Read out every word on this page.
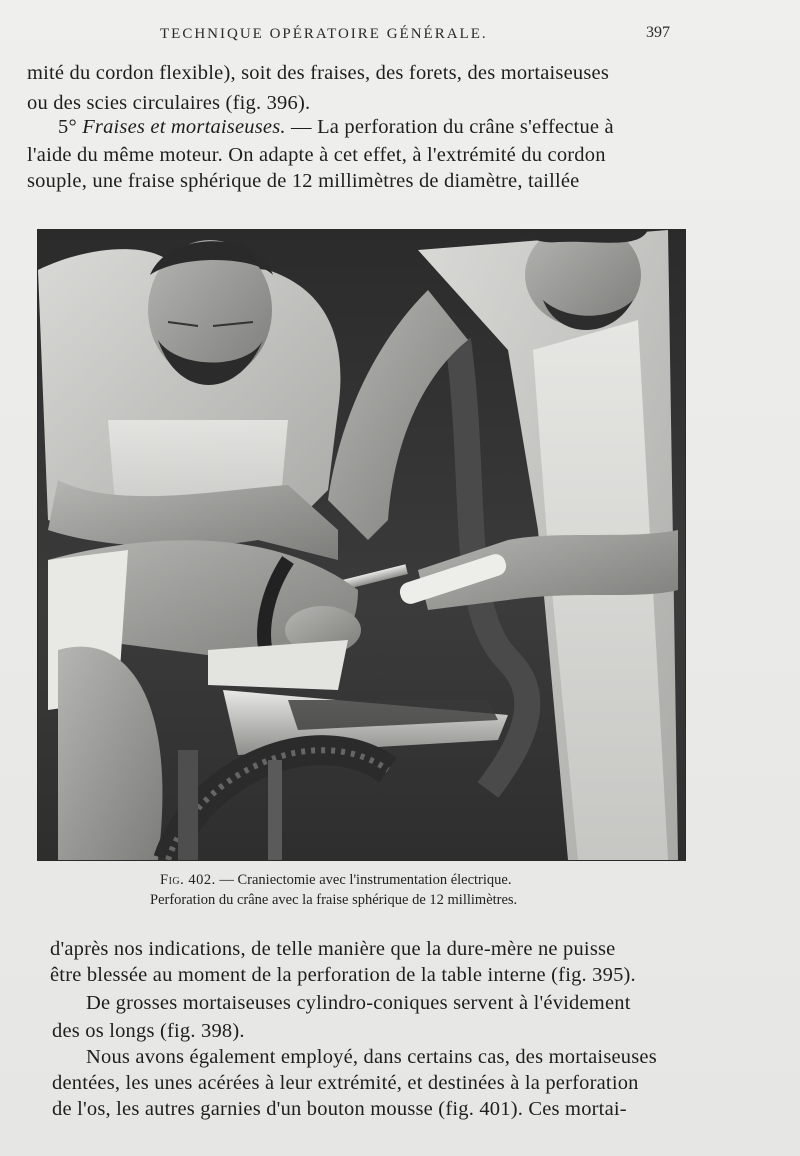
TECHNIQUE OPÉRATOIRE GÉNÉRALE.	397
mité du cordon flexible), soit des fraises, des forets, des mortaiseuses
ou des scies circulaires (fig. 396).
5° Fraises et mortaiseuses. — La perforation du crâne s'effectue à
l'aide du même moteur. On adapte à cet effet, à l'extrémité du cordon
souple, une fraise sphérique de 12 millimètres de diamètre, taillée
Fig. 402. — Craniectomie avec l'instrumentation électrique.
Perforation du crâne avec la fraise sphérique de 12 millimètres.
d'après nos indications, de telle manière que la dure-mère ne puisse
être blessée au moment de la perforation de la table interne (fig. 395).
De grosses mortaiseuses cylindro-coniques servent à l'évidement
des os longs (fig. 398).
Nous avons également employé, dans certains cas, des mortaiseuses
dentées, les unes acérées à leur extrémité, et destinées à la perforation
de l'os, les autres garnies d'un bouton mousse (fig. 401). Ces mortai-
